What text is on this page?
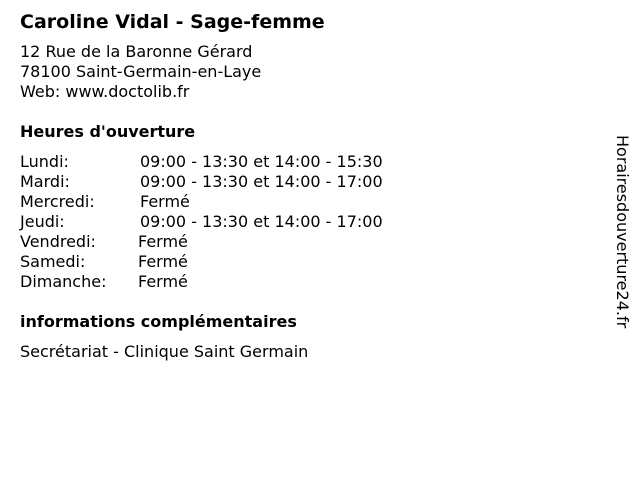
Caroline Vidal - Sage-femme
12 Rue de la Baronne Gérard
78100 Saint-Germain-en-Laye
Web: www.doctolib.fr
Heures d'ouverture
Lundi:	09:00 - 13:30 et 14:00 - 15:30
Mardi:	09:00 - 13:30 et 14:00 - 17:00
Mercredi:	Fermé
Jeudi:	09:00 - 13:30 et 14:00 - 17:00
Vendredi:	Fermé
Samedi:	Fermé
Dimanche:	Fermé
informations complémentaires
Secrétariat - Clinique Saint Germain
Horairesdouverture24.fr
